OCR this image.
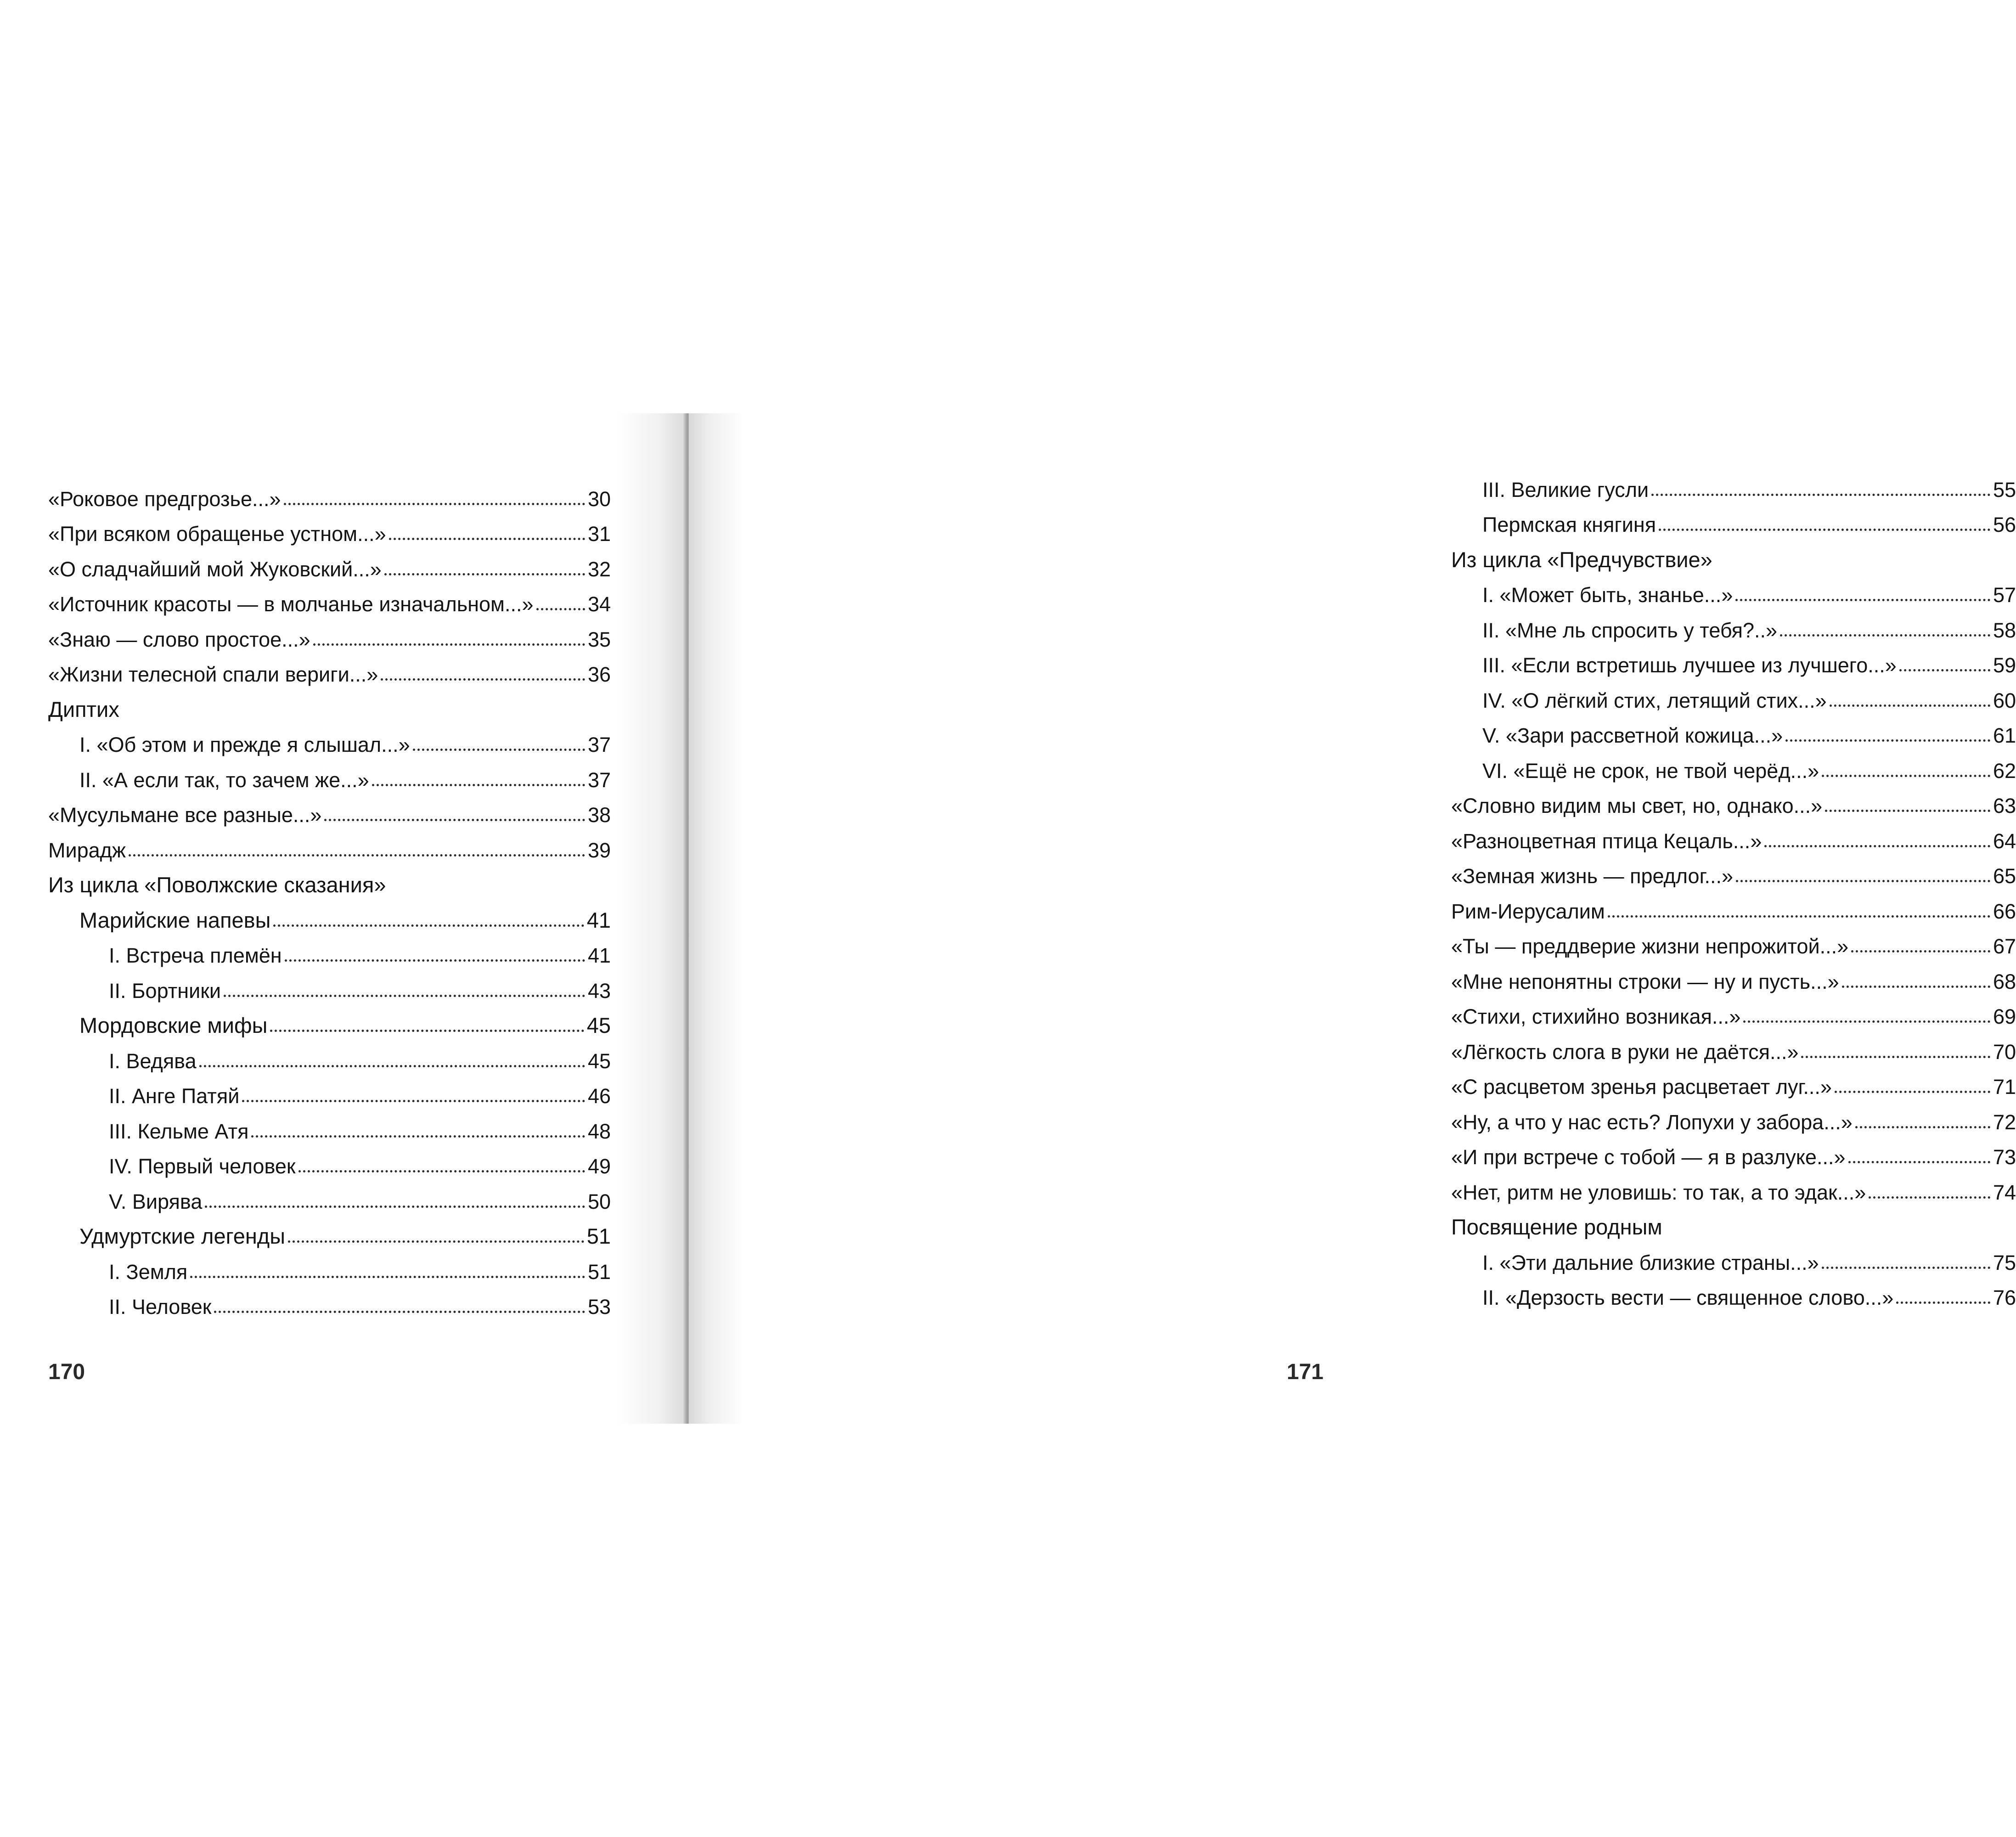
«Роковое предгрозье...»	30
«При всяком обращенье устном...»	31
«О сладчайший мой Жуковский...»	32
«Источник красоты — в молчанье изначальном...»	34
«Знаю — слово простое...»	35
«Жизни телесной спали вериги...»	36
Диптих
I. «Об этом и прежде я слышал...»	37
II. «А если так, то зачем же...»	37
«Мусульмане все разные...»	38
Мирадж	39
Из цикла «Поволжские сказания»
Марийские напевы	41
I. Встреча племён	41
II. Бортники	43
Мордовские мифы	45
I. Ведява	45
II. Анге Патяй	46
III. Кельме Атя	48
IV. Первый человек	49
V. Вирява	50
Удмуртские легенды	51
I. Земля	51
II. Человек	53
170
III. Великие гусли	55
Пермская княгиня	56
Из цикла «Предчувствие»
I. «Может быть, знанье...»	57
II. «Мне ль спросить у тебя?..»	58
III. «Если встретишь лучшее из лучшего...»	59
IV. «О лёгкий стих, летящий стих...»	60
V. «Зари рассветной кожица...»	61
VI. «Ещё не срок, не твой черёд...»	62
«Словно видим мы свет, но, однако...»	63
«Разноцветная птица Кецаль...»	64
«Земная жизнь — предлог...»	65
Рим-Иерусалим	66
«Ты — преддверие жизни непрожитой...»	67
«Мне непонятны строки — ну и пусть...»	68
«Стихи, стихийно возникая...»	69
«Лёгкость слога в руки не даётся...»	70
«С расцветом зренья расцветает луг...»	71
«Ну, а что у нас есть? Лопухи у забора...»	72
«И при встрече с тобой — я в разлуке...»	73
«Нет, ритм не уловишь: то так, а то эдак...»	74
Посвящение родным
I. «Эти дальние близкие страны...»	75
II. «Дерзость вести — священное слово...»	76
171
